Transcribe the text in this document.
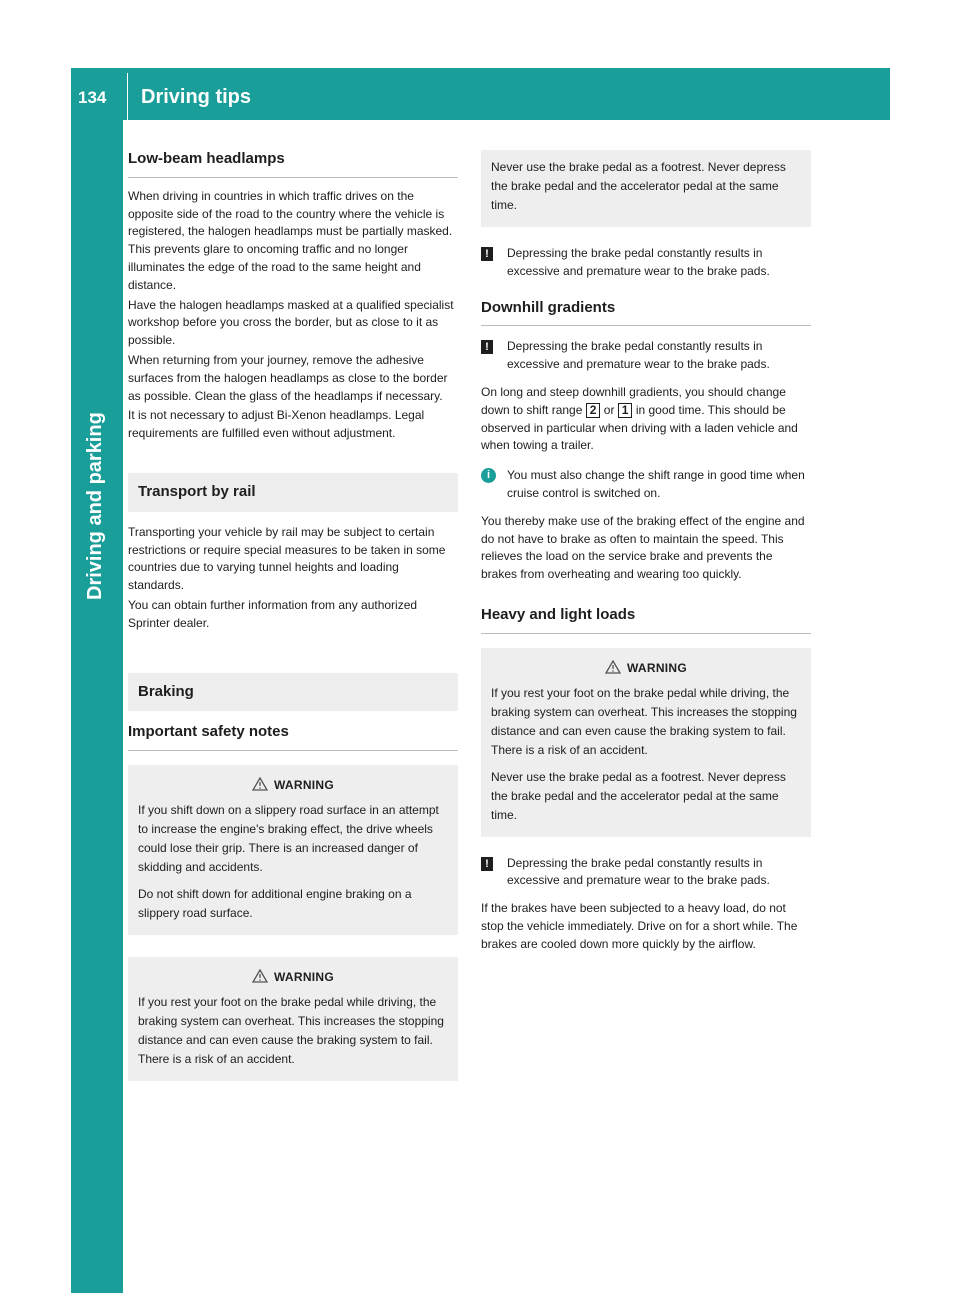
134 Driving tips
Low-beam headlamps

When driving in countries in which traffic drives on the opposite side of the road to the country where the vehicle is registered, the halogen headlamps must be partially masked. This prevents glare to oncoming traffic and no longer illuminates the edge of the road to the same height and distance.

Have the halogen headlamps masked at a qualified specialist workshop before you cross the border, but as close to it as possible.

When returning from your journey, remove the adhesive surfaces from the halogen headlamps as close to the border as possible. Clean the glass of the headlamps if necessary.

It is not necessary to adjust Bi-Xenon headlamps. Legal requirements are fulfilled even without adjustment.

Transport by rail

Transporting your vehicle by rail may be subject to certain restrictions or require special measures to be taken in some countries due to varying tunnel heights and loading standards.

You can obtain further information from any authorized Sprinter dealer.

Braking
Important safety notes
WARNING

If you shift down on a slippery road surface in an attempt to increase the engine's braking effect, the drive wheels could lose their grip. There is an increased danger of skidding and accidents.

Do not shift down for additional engine braking on a slippery road surface.

WARNING

If you rest your foot on the brake pedal while driving, the braking system can overheat. This increases the stopping distance and can even cause the braking system to fail. There is a risk of an accident.

Never use the brake pedal as a footrest. Never depress the brake pedal and the accelerator pedal at the same time.

!	Depressing the brake pedal constantly results in excessive and premature wear to the brake pads.
Downhill gradients
!	Depressing the brake pedal constantly results in excessive and premature wear to the brake pads.

On long and steep downhill gradients, you should change down to shift range 2 or 1 in good time. This should be observed in particular when driving with a laden vehicle and when towing a trailer.

i	You must also change the shift range in good time when cruise control is switched on.

You thereby make use of the braking effect of the engine and do not have to brake as often to maintain the speed. This relieves the load on the service brake and prevents the brakes from overheating and wearing too quickly.

Heavy and light loads
WARNING

If you rest your foot on the brake pedal while driving, the braking system can overheat. This increases the stopping distance and can even cause the braking system to fail. There is a risk of an accident.

Never use the brake pedal as a footrest. Never depress the brake pedal and the accelerator pedal at the same time.

!	Depressing the brake pedal constantly results in excessive and premature wear to the brake pads.

If the brakes have been subjected to a heavy load, do not stop the vehicle immediately. Drive on for a short while. The brakes are cooled down more quickly by the airflow.
